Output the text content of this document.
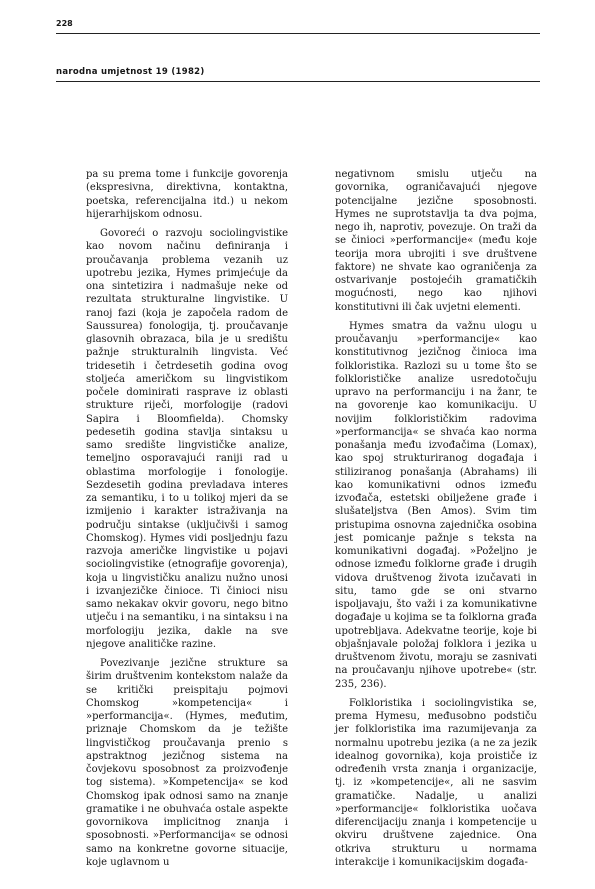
228
narodna umjetnost 19 (1982)

pa su prema tome i funkcije govorenja (ekspresivna, direktivna, kontaktna, poetska, referencijalna itd.) u nekom hijerarhijskom odnosu.

Govoreći o razvoju sociolingvistike kao novom načinu definiranja i proučavanja problema vezanih uz upotrebu jezika, Hymes primjećuje da ona sintetizira i nadmašuje neke od rezultata strukturalne lingvistike. U ranoj fazi (koja je započela radom de Saussurea) fonologija, tj. proučavanje glasovnih obrazaca, bila je u središtu pažnje strukturalnih lingvista. Već tridesetih i četrdesetih godina ovog stoljeća američkom su lingvistikom počele dominirati rasprave iz oblasti strukture riječi, morfologije (radovi Sapira i Bloomfielda). Chomsky pedesetih godina stavlja sintaksu u samo središte lingvističke analize, temeljno osporavajući raniji rad u oblastima morfologije i fonologije. Sezdesetih godina prevladava interes za semantiku, i to u tolikoj mjeri da se izmijenio i karakter istraživanja na području sintakse (uključivši i samog Chomskog). Hymes vidi posljednju fazu razvoja američke lingvistike u pojavi sociolingvistike (etnografije govorenja), koja u lingvističku analizu nužno unosi i izvanjezičke činioce. Ti činioci nisu samo nekakav okvir govoru, nego bitno utječu i na semantiku, i na sintaksu i na morfologiju jezika, dakle na sve njegove analitičke razine.

Povezivanje jezične strukture sa širim društvenim kontekstom nalaže da se kritički preispitaju pojmovi Chomskog »kompetencija« i »performancija«. (Hymes, međutim, priznaje Chomskom da je težište lingvističkog proučavanja prenio s apstraktnog jezičnog sistema na čovjekovu sposobnost za proizvođenje tog sistema). »Kompetencija« se kod Chomskog ipak odnosi samo na znanje gramatike i ne obuhvaća ostale aspekte govornikova implicitnog znanja i sposobnosti. »Performancija« se odnosi samo na konkretne govorne situacije, koje uglavnom u

negativnom smislu utječu na govornika, ograničavajući njegove potencijalne jezične sposobnosti. Hymes ne suprotstavlja ta dva pojma, nego ih, naprotiv, povezuje. On traži da se činioci »performancije« (među koje teorija mora ubrojiti i sve društvene faktore) ne shvate kao ograničenja za ostvarivanje postojećih gramatičkih mogućnosti, nego kao njihovi konstitutivni ili čak uvjetni elementi.

Hymes smatra da važnu ulogu u proučavanju »performancije« kao konstitutivnog jezičnog činioca ima folkloristika. Razlozi su u tome što se folklorističke analize usredotočuju upravo na performanciju i na žanr, te na govorenje kao komunikaciju. U novijim folklorističkim radovima »performancija« se shvaća kao norma ponašanja među izvođačima (Lomax), kao spoj strukturiranog događaja i stiliziranog ponašanja (Abrahams) ili kao komunikativni odnos između izvođača, estetski obilježene građe i slušateljstva (Ben Amos). Svim tim pristupima osnovna zajednička osobina jest pomicanje pažnje s teksta na komunikativni događaj. »Poželjno je odnose između folklorne građe i drugih vidova društvenog života izučavati in situ, tamo gde se oni stvarno ispoljavaju, što važi i za komunikativne događaje u kojima se ta folklorna građa upotrebljava. Adekvatne teorije, koje bi objašnjavale položaj folklora i jezika u društvenom životu, moraju se zasnivati na proučavanju njihove upotrebe« (str. 235, 236).

Folkloristika i sociolingvistika se, prema Hymesu, međusobno podstiču jer folkloristika ima razumijevanja za normalnu upotrebu jezika (a ne za jezik idealnog govornika), koja proističe iz određenih vrsta znanja i organizacije, tj. iz »kompetencije«, ali ne sasvim gramatičke. Nadalje, u analizi »performancije« folkloristika uočava diferencijaciju znanja i kompetencije u okviru društvene zajednice. Ona otkriva strukturu u normama interakcije i komunikacijskim događa-
